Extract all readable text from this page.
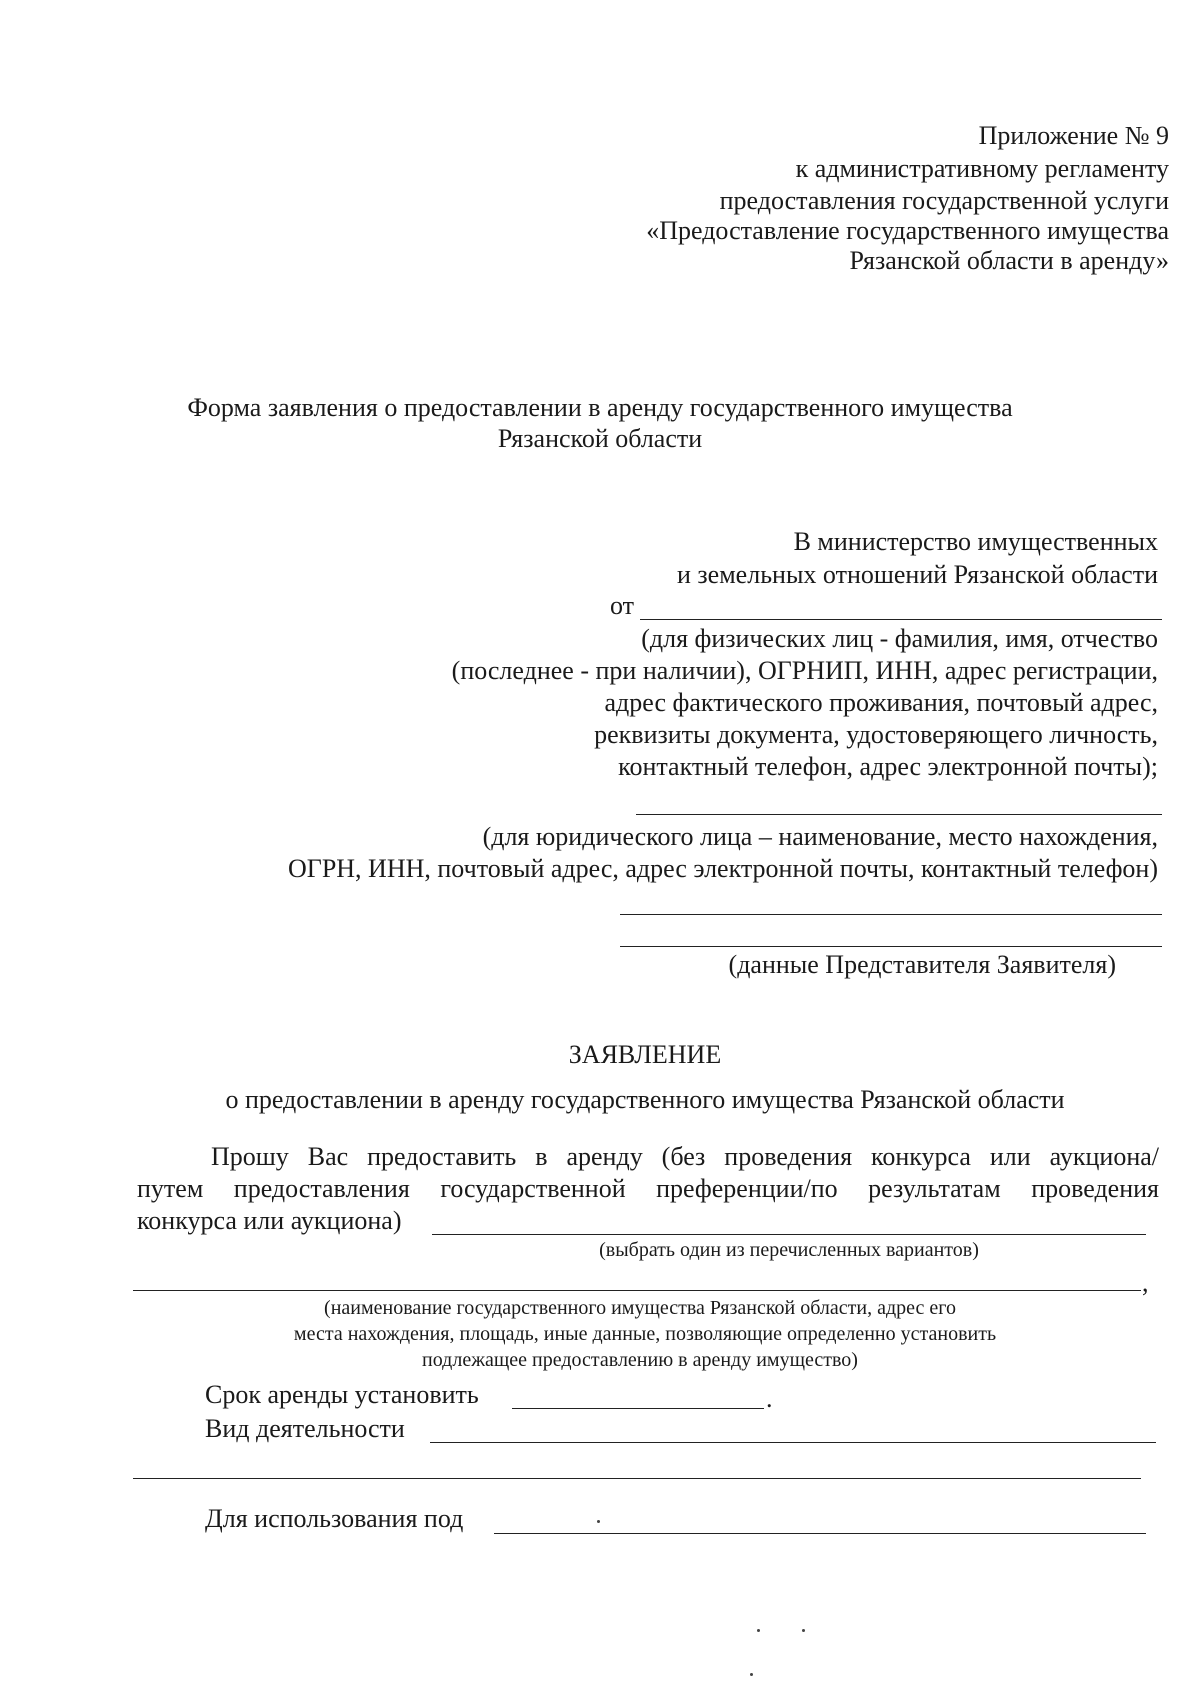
Приложение № 9
к административному регламенту
предоставления государственной услуги
«Предоставление государственного имущества
Рязанской области в аренду»
Форма заявления о предоставлении в аренду государственного имущества
Рязанской области
В министерство имущественных
и земельных отношений Рязанской области
от
(для физических лиц - фамилия, имя, отчество
(последнее - при наличии), ОГРНИП, ИНН, адрес регистрации,
адрес фактического проживания, почтовый адрес,
реквизиты документа, удостоверяющего личность,
контактный телефон, адрес электронной почты);
(для юридического лица – наименование, место нахождения,
ОГРН, ИНН, почтовый адрес, адрес электронной почты, контактный телефон)
(данные Представителя Заявителя)
ЗАЯВЛЕНИЕ
о предоставлении в аренду государственного имущества Рязанской области
Прошу Вас предоставить в аренду (без проведения конкурса или аукциона/
путем предоставления государственной преференции/по результатам проведения
конкурса или аукциона)
(выбрать один из перечисленных вариантов)
,
(наименование государственного имущества Рязанской области, адрес его
места нахождения, площадь, иные данные, позволяющие определенно установить
подлежащее предоставлению в аренду имущество)
Срок аренды установить	.
Вид деятельности
Для использования под
